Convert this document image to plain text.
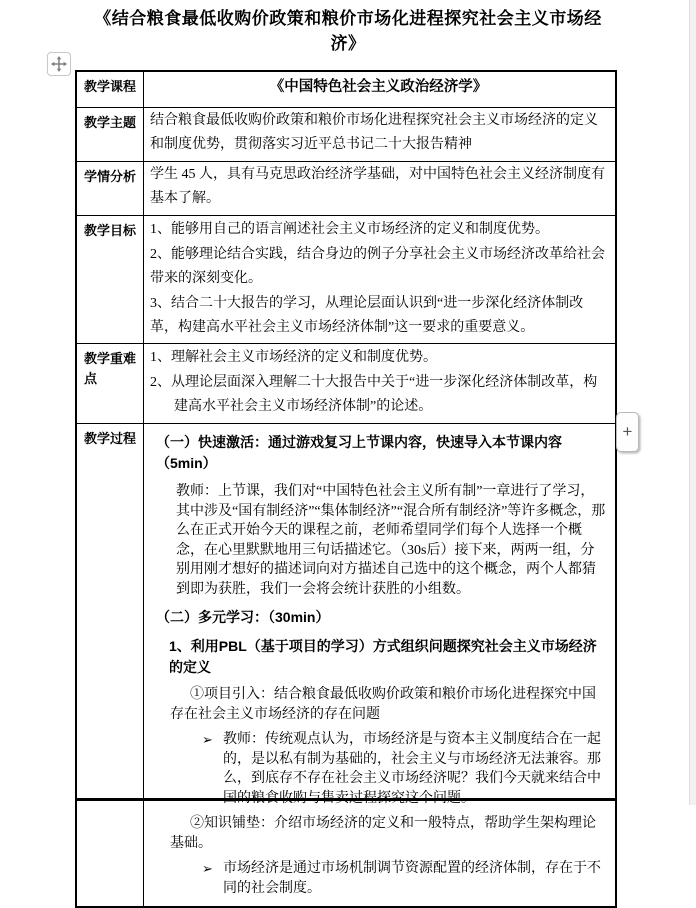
《结合粮食最低收购价政策和粮价市场化进程探究社会主义市场经济》
教学课程	《中国特色社会主义政治经济学》

教学主题	结合粮食最低收购价政策和粮价市场化进程探究社会主义市场经济的定义和制度优势，贯彻落实习近平总书记二十大报告精神

学情分析	学生 45 人，具有马克思政治经济学基础，对中国特色社会主义经济制度有基本了解。

教学目标	1、能够用自己的语言阐述社会主义市场经济的定义和制度优势。
2、能够理论结合实践，结合身边的例子分享社会主义市场经济改革给社会带来的深刻变化。
3、结合二十大报告的学习，从理论层面认识到“进一步深化经济体制改革，构建高水平社会主义市场经济体制”这一要求的重要意义。

教学重难点	1、理解社会主义市场经济的定义和制度优势。
2、从理论层面深入理解二十大报告中关于“进一步深化经济体制改革，构建高水平社会主义市场经济体制”的论述。

教学过程	（一）快速激活：通过游戏复习上节课内容，快速导入本节课内容（5min）
教师：上节课，我们对“中国特色社会主义所有制”一章进行了学习，其中涉及“国有制经济”“集体制经济”“混合所有制经济”等许多概念，那么在正式开始今天的课程之前，老师希望同学们每个人选择一个概念，在心里默默地用三句话描述它。（30s后）接下来，两两一组，分别用刚才想好的描述词向对方描述自己选中的这个概念，两个人都猜到即为获胜，我们一会将会统计获胜的小组数。
（二）多元学习：（30min）
1、利用PBL（基于项目的学习）方式组织问题探究社会主义市场经济的定义
①项目引入：结合粮食最低收购价政策和粮价市场化进程探究中国存在社会主义市场经济的存在问题
➢ 教师：传统观点认为，市场经济是与资本主义制度结合在一起的，是以私有制为基础的，社会主义与市场经济无法兼容。那么，到底存不存在社会主义市场经济呢？我们今天就来结合中国的粮食收购与售卖过程探究这个问题。
②知识铺垫：介绍市场经济的定义和一般特点，帮助学生架构理论基础。
➢ 市场经济是通过市场机制调节资源配置的经济体制，存在于不同的社会制度。
+
